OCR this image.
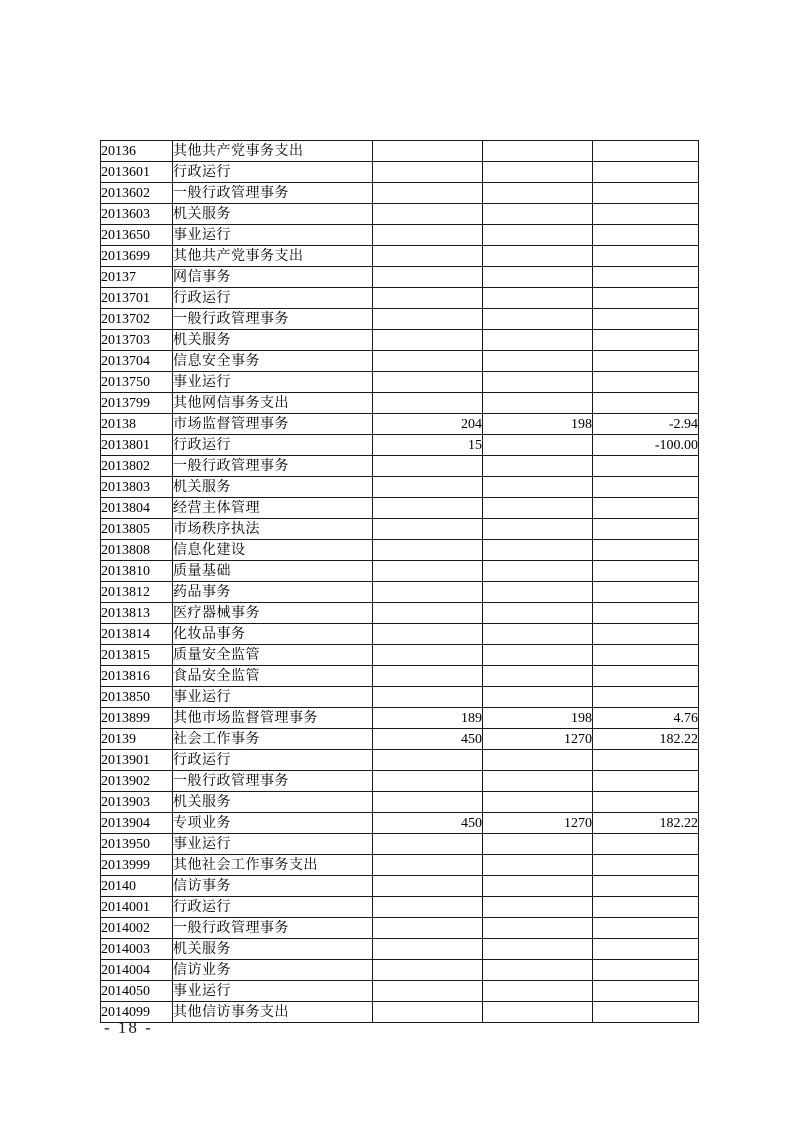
20136	其他共产党事务支出			
2013601	行政运行			
2013602	一般行政管理事务			
2013603	机关服务			
2013650	事业运行			
2013699	其他共产党事务支出			
20137	网信事务			
2013701	行政运行			
2013702	一般行政管理事务			
2013703	机关服务			
2013704	信息安全事务			
2013750	事业运行			
2013799	其他网信事务支出			
20138	市场监督管理事务	204	198	-2.94
2013801	行政运行	15		-100.00
2013802	一般行政管理事务			
2013803	机关服务			
2013804	经营主体管理			
2013805	市场秩序执法			
2013808	信息化建设			
2013810	质量基础			
2013812	药品事务			
2013813	医疗器械事务			
2013814	化妆品事务			
2013815	质量安全监管			
2013816	食品安全监管			
2013850	事业运行			
2013899	其他市场监督管理事务	189	198	4.76
20139	社会工作事务	450	1270	182.22
2013901	行政运行			
2013902	一般行政管理事务			
2013903	机关服务			
2013904	专项业务	450	1270	182.22
2013950	事业运行			
2013999	其他社会工作事务支出			
20140	信访事务			
2014001	行政运行			
2014002	一般行政管理事务			
2014003	机关服务			
2014004	信访业务			
2014050	事业运行			
2014099	其他信访事务支出			
- 18 -
